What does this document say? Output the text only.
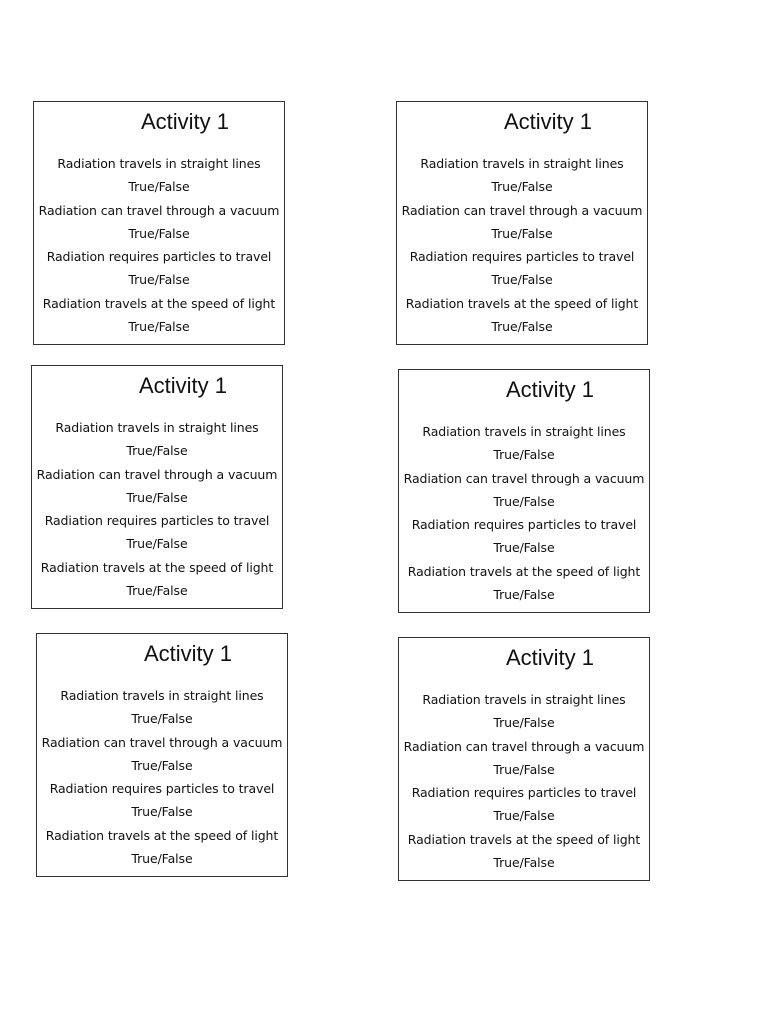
Activity 1
Radiation travels in straight lines
True/False
Radiation can travel through a vacuum
True/False
Radiation requires particles to travel
True/False
Radiation travels at the speed of light
True/False
Activity 1
Radiation travels in straight lines
True/False
Radiation can travel through a vacuum
True/False
Radiation requires particles to travel
True/False
Radiation travels at the speed of light
True/False
Activity 1
Radiation travels in straight lines
True/False
Radiation can travel through a vacuum
True/False
Radiation requires particles to travel
True/False
Radiation travels at the speed of light
True/False
Activity 1
Radiation travels in straight lines
True/False
Radiation can travel through a vacuum
True/False
Radiation requires particles to travel
True/False
Radiation travels at the speed of light
True/False
Activity 1
Radiation travels in straight lines
True/False
Radiation can travel through a vacuum
True/False
Radiation requires particles to travel
True/False
Radiation travels at the speed of light
True/False
Activity 1
Radiation travels in straight lines
True/False
Radiation can travel through a vacuum
True/False
Radiation requires particles to travel
True/False
Radiation travels at the speed of light
True/False
